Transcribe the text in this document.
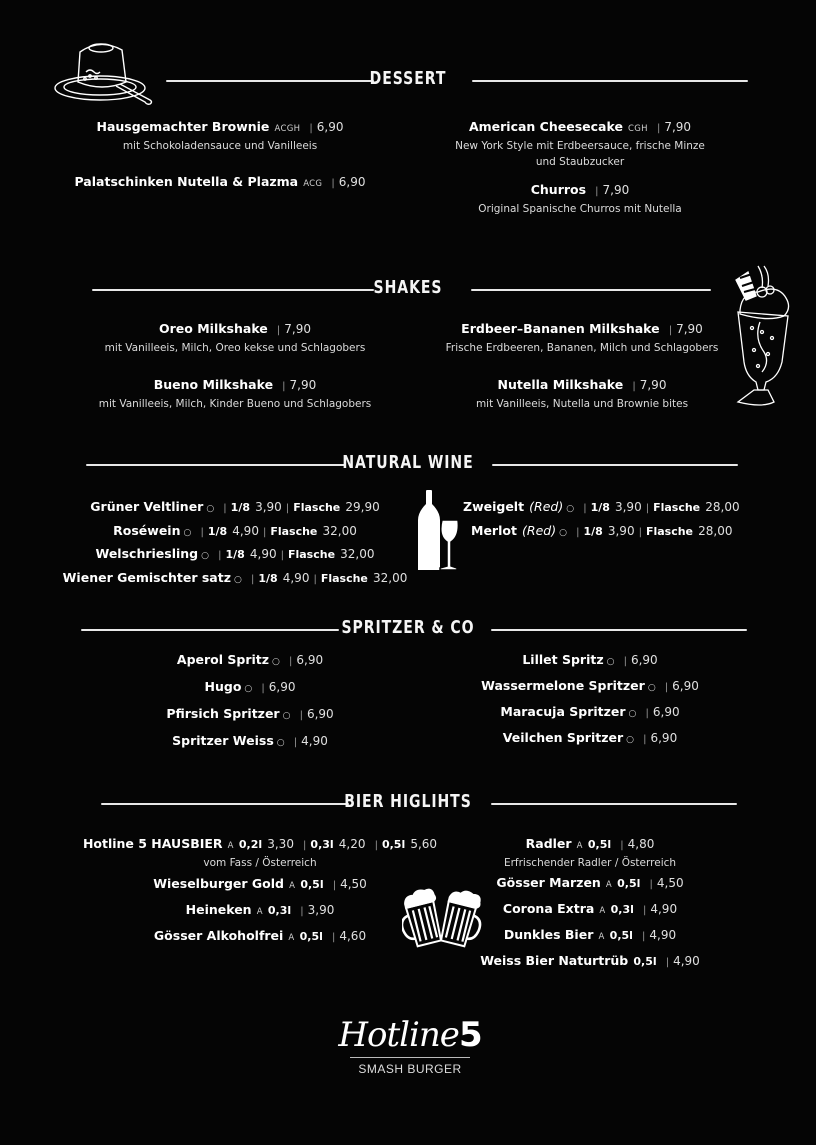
DESSERT
Hausgemachter Brownie ACGH | 6,90
mit Schokoladensauce und Vanilleeis
Palatschinken Nutella & Plazma ACG | 6,90
American Cheesecake CGH | 7,90
New York Style mit Erdbeersauce, frische Minze
und Staubzucker
Churros | 7,90
Original Spanische Churros mit Nutella
SHAKES
Oreo Milkshake | 7,90
mit Vanilleeis, Milch, Oreo kekse und Schlagobers
Bueno Milkshake | 7,90
mit Vanilleeis, Milch, Kinder Bueno und Schlagobers
Erdbeer–Bananen Milkshake | 7,90
Frische Erdbeeren, Bananen, Milch und Schlagobers
Nutella Milkshake | 7,90
mit Vanilleeis, Nutella und Brownie bites
NATURAL WINE
Grüner Veltliner ○ | 1/8 3,90 | Flasche 29,90
Roséwein ○ | 1/8 4,90 | Flasche 32,00
Welschriesling ○ | 1/8 4,90 | Flasche 32,00
Wiener Gemischter satz ○ | 1/8 4,90 | Flasche 32,00
Zweigelt (Red) ○ | 1/8 3,90 | Flasche 28,00
Merlot (Red) ○ | 1/8 3,90 | Flasche 28,00
SPRITZER & CO
Aperol Spritz ○ | 6,90
Hugo ○ | 6,90
Pfirsich Spritzer ○ | 6,90
Spritzer Weiss ○ | 4,90
Lillet Spritz ○ | 6,90
Wassermelone Spritzer ○ | 6,90
Maracuja Spritzer ○ | 6,90
Veilchen Spritzer ○ | 6,90
BIER HIGLIHTS
Hotline 5 HAUSBIER A 0,2l 3,30 | 0,3l 4,20 | 0,5l 5,60
vom Fass / Österreich
Wieselburger Gold A 0,5l | 4,50
Heineken A 0,3l | 3,90
Gösser Alkoholfrei A 0,5l | 4,60
Radler A 0,5l | 4,80
Erfrischender Radler / Österreich
Gösser Marzen A 0,5l | 4,50
Corona Extra A 0,3l | 4,90
Dunkles Bier A 0,5l | 4,90
Weiss Bier Naturtrüb 0,5l | 4,90
Hotline5
SMASH BURGER
